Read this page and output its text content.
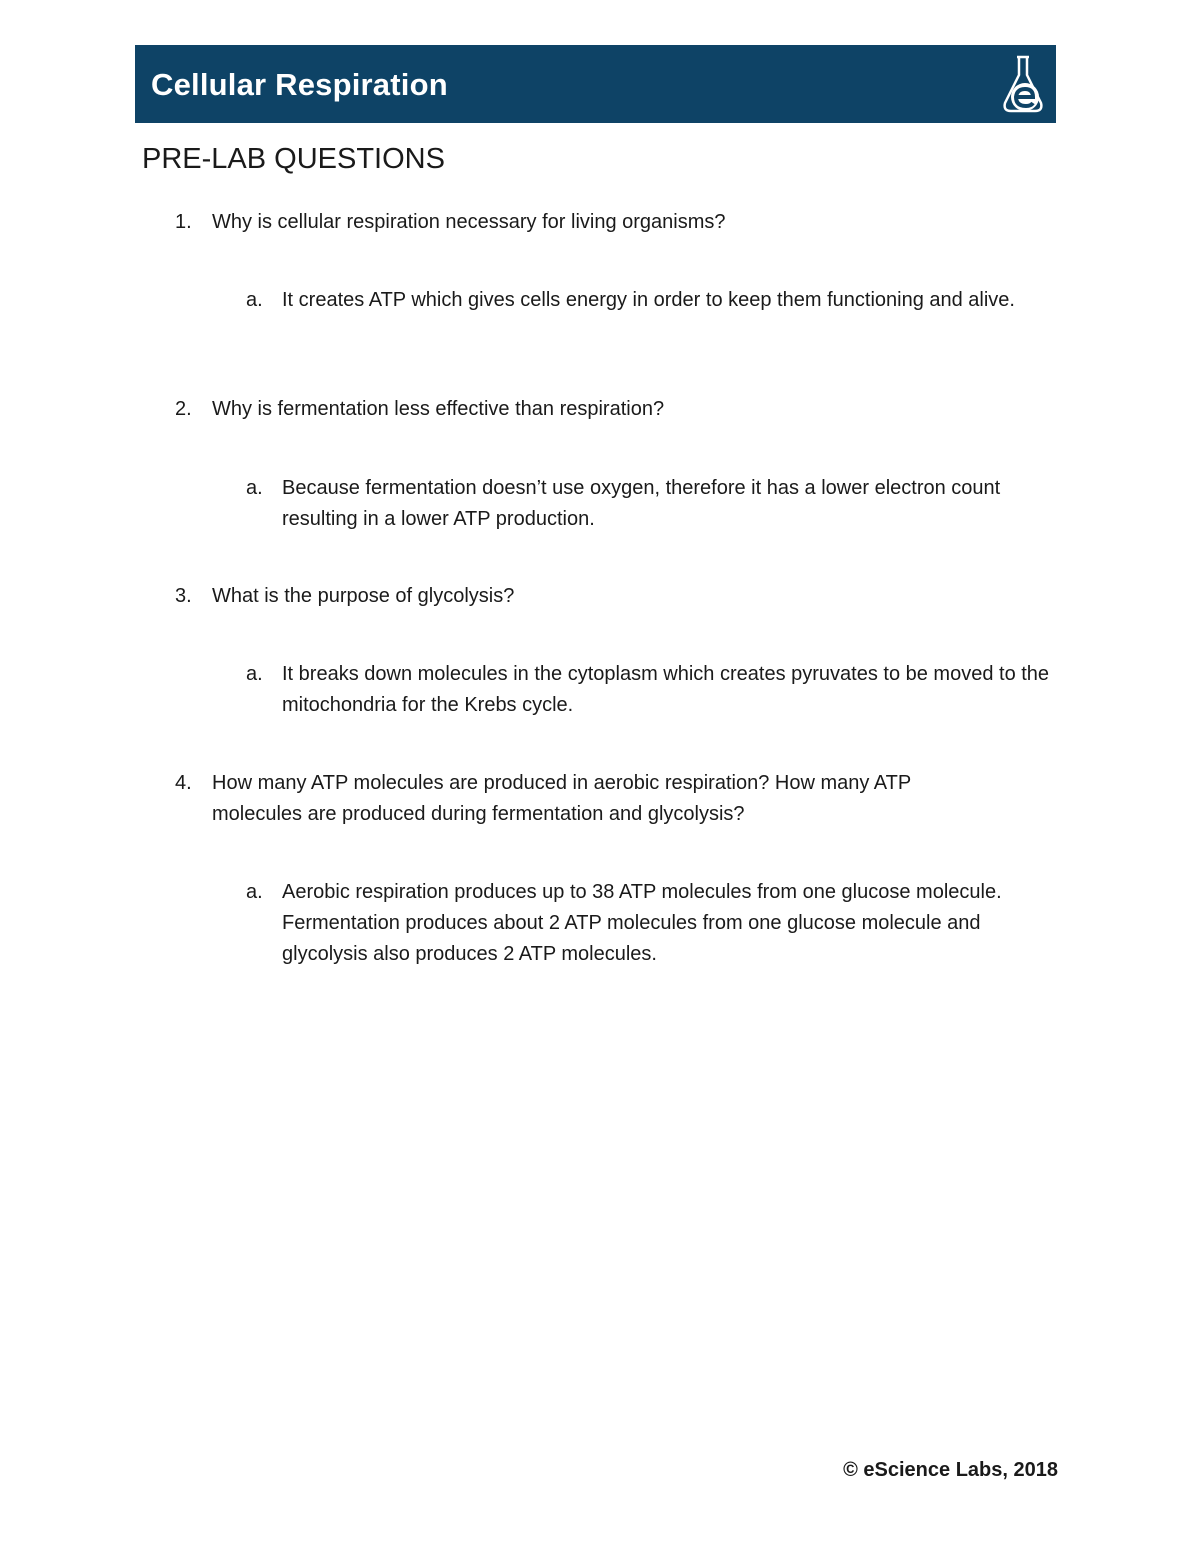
Cellular Respiration
PRE-LAB QUESTIONS
1. Why is cellular respiration necessary for living organisms?
a. It creates ATP which gives cells energy in order to keep them functioning and alive.
2. Why is fermentation less effective than respiration?
a. Because fermentation doesn’t use oxygen, therefore it has a lower electron count resulting in a lower ATP production.
3. What is the purpose of glycolysis?
a. It breaks down molecules in the cytoplasm which creates pyruvates to be moved to the mitochondria for the Krebs cycle.
4. How many ATP molecules are produced in aerobic respiration? How many ATP molecules are produced during fermentation and glycolysis?
a. Aerobic respiration produces up to 38 ATP molecules from one glucose molecule. Fermentation produces about 2 ATP molecules from one glucose molecule and glycolysis also produces 2 ATP molecules.
© eScience Labs, 2018
